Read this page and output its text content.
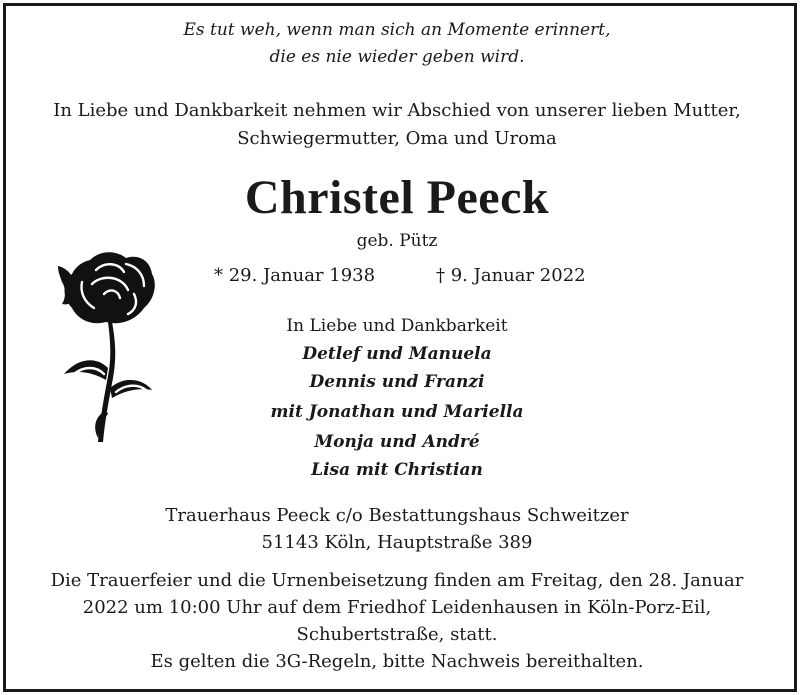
Es tut weh, wenn man sich an Momente erinnert,
die es nie wieder geben wird.
In Liebe und Dankbarkeit nehmen wir Abschied von unserer lieben Mutter,
Schwiegermutter, Oma und Uroma
Christel Peeck
geb. Pütz
* 29. Januar 1938	† 9. Januar 2022
In Liebe und Dankbarkeit
Detlef und Manuela
Dennis und Franzi
mit Jonathan und Mariella
Monja und André
Lisa mit Christian
Trauerhaus Peeck c/o Bestattungshaus Schweitzer
51143 Köln, Hauptstraße 389
Die Trauerfeier und die Urnenbeisetzung finden am Freitag, den 28. Januar
2022 um 10:00 Uhr auf dem Friedhof Leidenhausen in Köln-Porz-Eil,
Schubertstraße, statt.
Es gelten die 3G-Regeln, bitte Nachweis bereithalten.
